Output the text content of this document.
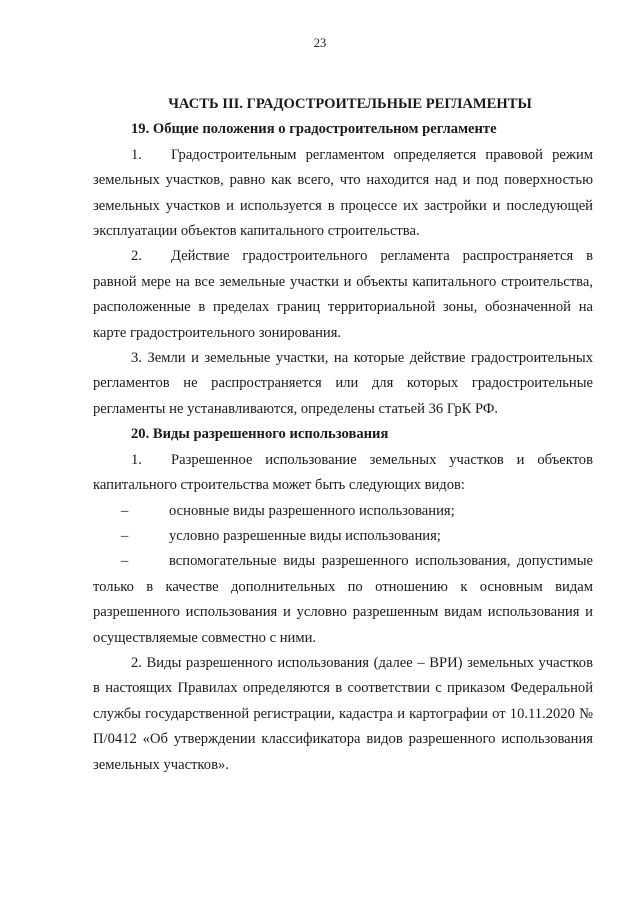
23
ЧАСТЬ III. ГРАДОСТРОИТЕЛЬНЫЕ РЕГЛАМЕНТЫ
19. Общие положения о градостроительном регламенте
1. Градостроительным регламентом определяется правовой режим земельных участков, равно как всего, что находится над и под поверхностью земельных участков и используется в процессе их застройки и последующей эксплуатации объектов капитального строительства.
2. Действие градостроительного регламента распространяется в равной мере на все земельные участки и объекты капитального строительства, расположенные в пределах границ территориальной зоны, обозначенной на карте градостроительного зонирования.
3. Земли и земельные участки, на которые действие градостроительных регламентов не распространяется или для которых градостроительные регламенты не устанавливаются, определены статьей 36 ГрК РФ.
20. Виды разрешенного использования
1. Разрешенное использование земельных участков и объектов капитального строительства может быть следующих видов:
–	основные виды разрешенного использования;
–	условно разрешенные виды использования;
–	вспомогательные виды разрешенного использования, допустимые только в качестве дополнительных по отношению к основным видам разрешенного использования и условно разрешенным видам использования и осуществляемые совместно с ними.
2. Виды разрешенного использования (далее – ВРИ) земельных участков в настоящих Правилах определяются в соответствии с приказом Федеральной службы государственной регистрации, кадастра и картографии от 10.11.2020 № П/0412 «Об утверждении классификатора видов разрешенного использования земельных участков».
